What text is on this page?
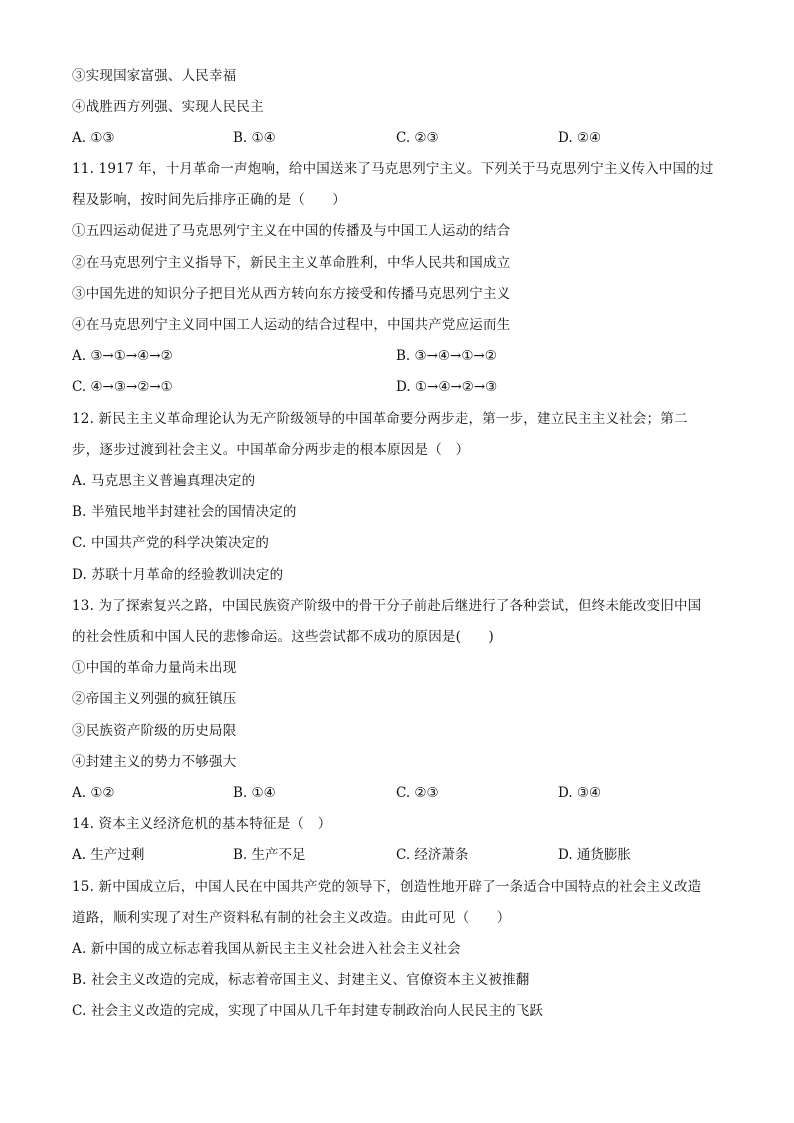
③实现国家富强、人民幸福
④战胜西方列强、实现人民民主
A. ①③	B. ①④	C. ②③	D. ②④
11. 1917 年，十月革命一声炮响，给中国送来了马克思列宁主义。下列关于马克思列宁主义传入中国的过
程及影响，按时间先后排序正确的是（　　）
①五四运动促进了马克思列宁主义在中国的传播及与中国工人运动的结合
②在马克思列宁主义指导下，新民主主义革命胜利，中华人民共和国成立
③中国先进的知识分子把目光从西方转向东方接受和传播马克思列宁主义
④在马克思列宁主义同中国工人运动的结合过程中，中国共产党应运而生
A. ③→①→④→②	B. ③→④→①→②
C. ④→③→②→①	D. ①→④→②→③
12. 新民主主义革命理论认为无产阶级领导的中国革命要分两步走，第一步，建立民主主义社会；第二
步，逐步过渡到社会主义。中国革命分两步走的根本原因是（　）
A. 马克思主义普遍真理决定的
B. 半殖民地半封建社会的国情决定的
C. 中国共产党的科学决策决定的
D. 苏联十月革命的经验教训决定的
13. 为了探索复兴之路，中国民族资产阶级中的骨干分子前赴后继进行了各种尝试，但终未能改变旧中国
的社会性质和中国人民的悲惨命运。这些尝试都不成功的原因是(　　)
①中国的革命力量尚未出现
②帝国主义列强的疯狂镇压
③民族资产阶级的历史局限
④封建主义的势力不够强大
A. ①②	B. ①④	C. ②③	D. ③④
14. 资本主义经济危机的基本特征是（　）
A. 生产过剩	B. 生产不足	C. 经济萧条	D. 通货膨胀
15. 新中国成立后，中国人民在中国共产党的领导下，创造性地开辟了一条适合中国特点的社会主义改造
道路，顺利实现了对生产资料私有制的社会主义改造。由此可见（　　）
A. 新中国的成立标志着我国从新民主主义社会进入社会主义社会
B. 社会主义改造的完成，标志着帝国主义、封建主义、官僚资本主义被推翻
C. 社会主义改造的完成，实现了中国从几千年封建专制政治向人民民主的飞跃
